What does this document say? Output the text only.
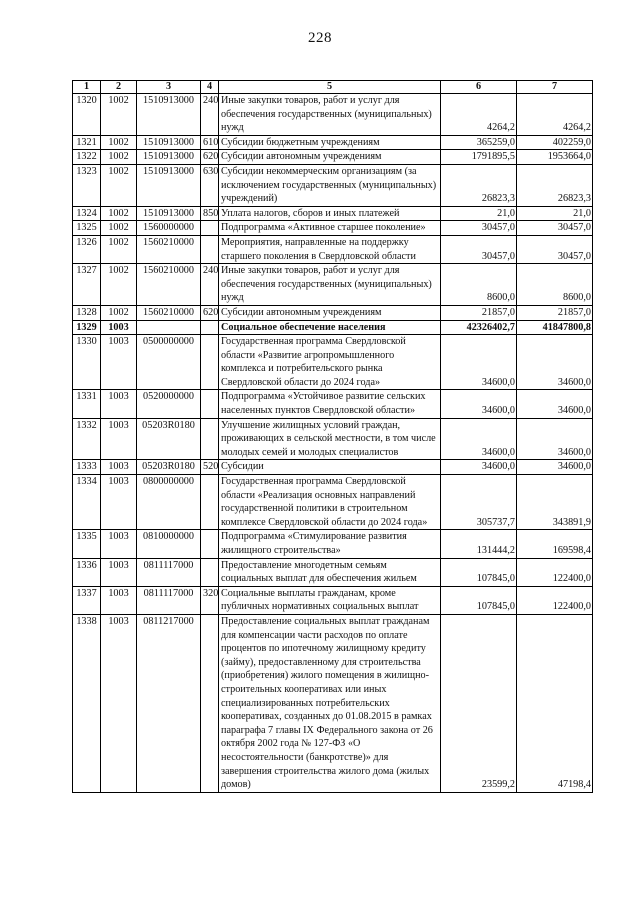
228
1	2	3	4	5	6	7
1320	1002	1510913000	240	Иные закупки товаров, работ и услуг для обеспечения государственных (муниципальных) нужд	4264,2	4264,2
1321	1002	1510913000	610	Субсидии бюджетным учреждениям	365259,0	402259,0
1322	1002	1510913000	620	Субсидии автономным учреждениям	1791895,5	1953664,0
1323	1002	1510913000	630	Субсидии некоммерческим организациям (за исключением государственных (муниципальных) учреждений)	26823,3	26823,3
1324	1002	1510913000	850	Уплата налогов, сборов и иных платежей	21,0	21,0
1325	1002	1560000000		Подпрограмма «Активное старшее поколение»	30457,0	30457,0
1326	1002	1560210000		Мероприятия, направленные на поддержку старшего поколения в Свердловской области	30457,0	30457,0
1327	1002	1560210000	240	Иные закупки товаров, работ и услуг для обеспечения государственных (муниципальных) нужд	8600,0	8600,0
1328	1002	1560210000	620	Субсидии автономным учреждениям	21857,0	21857,0
1329	1003			Социальное обеспечение населения	42326402,7	41847800,8
1330	1003	0500000000		Государственная программа Свердловской области «Развитие агропромышленного комплекса и потребительского рынка Свердловской области до 2024 года»	34600,0	34600,0
1331	1003	0520000000		Подпрограмма «Устойчивое развитие сельских населенных пунктов Свердловской области»	34600,0	34600,0
1332	1003	05203R0180		Улучшение жилищных условий граждан, проживающих в сельской местности, в том числе молодых семей и молодых специалистов	34600,0	34600,0
1333	1003	05203R0180	520	Субсидии	34600,0	34600,0
1334	1003	0800000000		Государственная программа Свердловской области «Реализация основных направлений государственной политики в строительном комплексе Свердловской области до 2024 года»	305737,7	343891,9
1335	1003	0810000000		Подпрограмма «Стимулирование развития жилищного строительства»	131444,2	169598,4
1336	1003	0811117000		Предоставление многодетным семьям социальных выплат для обеспечения жильем	107845,0	122400,0
1337	1003	0811117000	320	Социальные выплаты гражданам, кроме публичных нормативных социальных выплат	107845,0	122400,0
1338	1003	0811217000		Предоставление социальных выплат гражданам для компенсации части расходов по оплате процентов по ипотечному жилищному кредиту (займу), предоставленному для строительства (приобретения) жилого помещения в жилищно-строительных кооперативах или иных специализированных потребительских кооперативах, созданных до 01.08.2015 в рамках параграфа 7 главы IX Федерального закона от 26 октября 2002 года № 127-ФЗ «О несостоятельности (банкротстве)» для завершения строительства жилого дома (жилых домов)	23599,2	47198,4
